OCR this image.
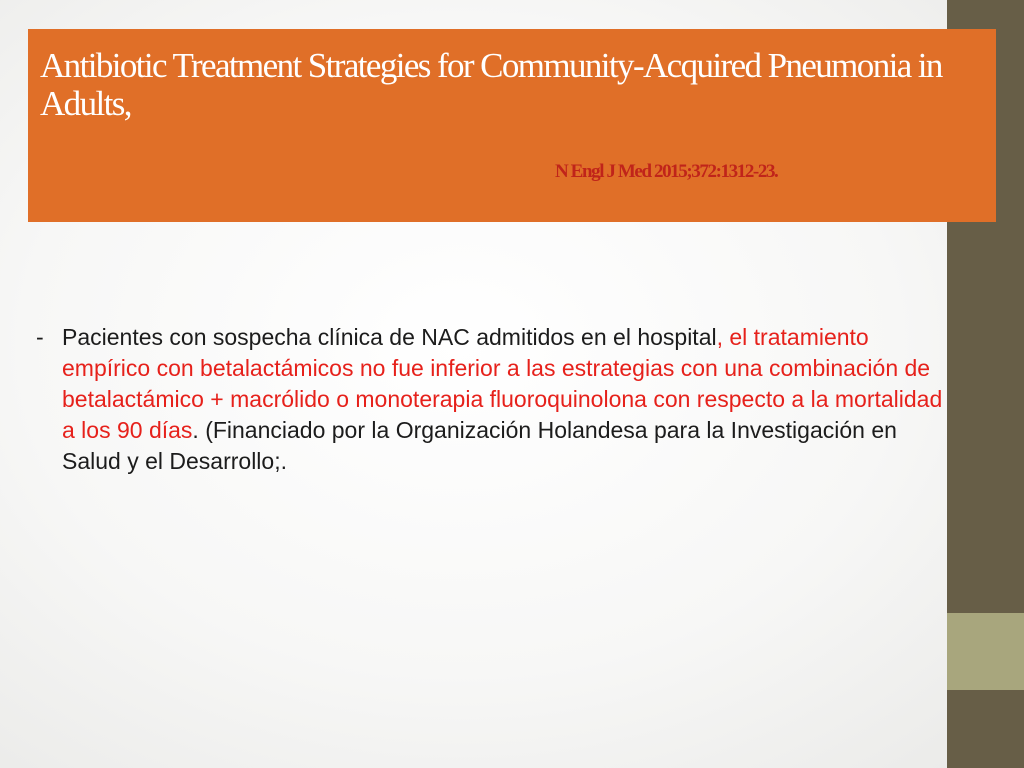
Antibiotic Treatment Strategies for Community-Acquired Pneumonia in Adults,
N Engl J Med 2015;372:1312-23.
- Pacientes con sospecha clínica de NAC admitidos en el hospital, el tratamiento empírico con betalactámicos no fue inferior a las estrategias con una combinación de betalactámico + macrólido o monoterapia fluoroquinolona con respecto a la mortalidad a los 90 días. (Financiado por la Organización Holandesa para la Investigación en Salud y el Desarrollo;.
